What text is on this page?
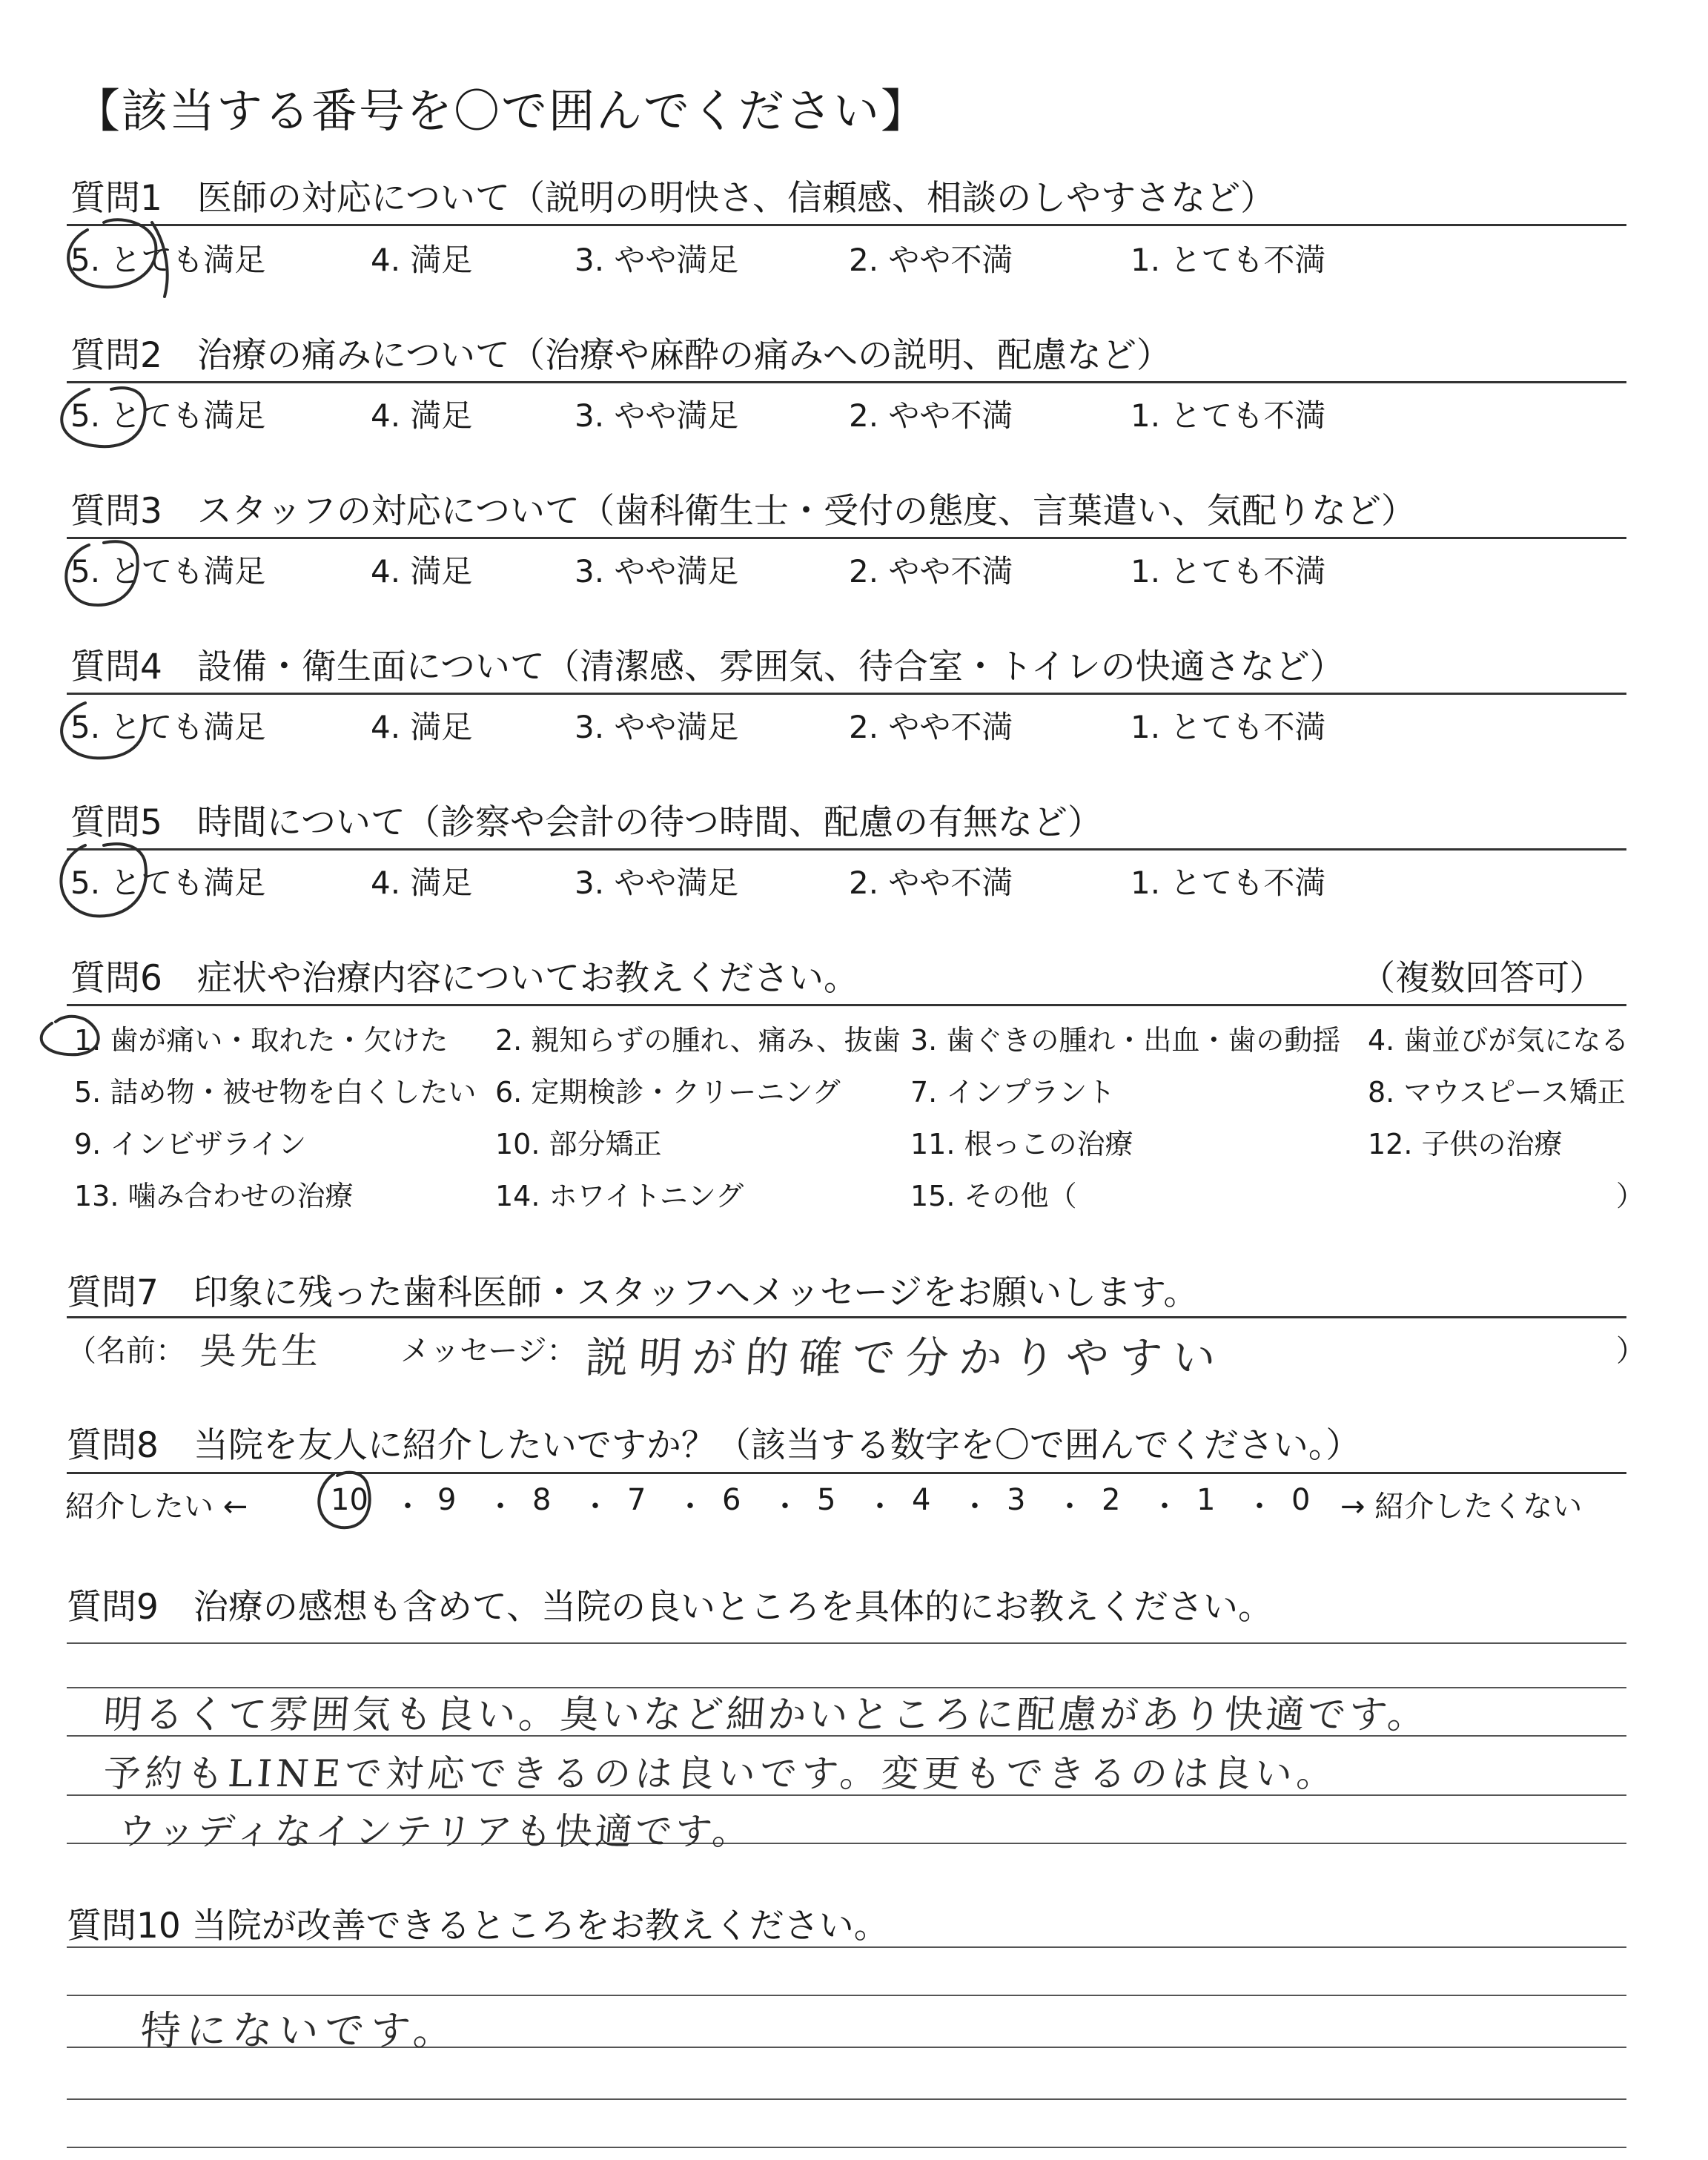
【該当する番号を〇で囲んでください】
質問1　医師の対応について（説明の明快さ、信頼感、相談のしやすさなど）
5. とても満足	4. 満足	3. やや満足	2. やや不満	1. とても不満
質問2　治療の痛みについて（治療や麻酔の痛みへの説明、配慮など）
5. とても満足	4. 満足	3. やや満足	2. やや不満	1. とても不満
質問3　スタッフの対応について（歯科衛生士・受付の態度、言葉遣い、気配りなど）
5. とても満足	4. 満足	3. やや満足	2. やや不満	1. とても不満
質問4　設備・衛生面について（清潔感、雰囲気、待合室・トイレの快適さなど）
5. とても満足	4. 満足	3. やや満足	2. やや不満	1. とても不満
質問5　時間について（診察や会計の待つ時間、配慮の有無など）
5. とても満足	4. 満足	3. やや満足	2. やや不満	1. とても不満
質問6　症状や治療内容についてお教えください。	（複数回答可）
1. 歯が痛い・取れた・欠けた 2. 親知らずの腫れ、痛み、抜歯 3. 歯ぐきの腫れ・出血・歯の動揺 4. 歯並びが気になる
5. 詰め物・被せ物を白くしたい 6. 定期検診・クリーニング 7. インプラント	8. マウスピース矯正
9. インビザライン	10. 部分矯正	11. 根っこの治療	12. 子供の治療
13. 噛み合わせの治療	14. ホワイトニング	15. その他（	）
質問7　印象に残った歯科医師・スタッフへメッセージをお願いします。
（名前： 吳先生	メッセージ： 説明が的確で分かりやすい	）
質問8　当院を友人に紹介したいですか？（該当する数字を〇で囲んでください。）
紹介したい ←	10 ・ 9 ・ 8 ・ 7 ・ 6 ・ 5 ・ 4 ・ 3 ・ 2 ・ 1 ・ 0 → 紹介したくない
質問9　治療の感想も含めて、当院の良いところを具体的にお教えください。
明るくて雰囲気も良い。臭いなど細かいところに配慮があり快適です。
予約もLINEで対応できるのは良いです。変更もできるのは良い。
ウッディなインテリアも快適です。
質問10 当院が改善できるところをお教えください。
特にないです。
